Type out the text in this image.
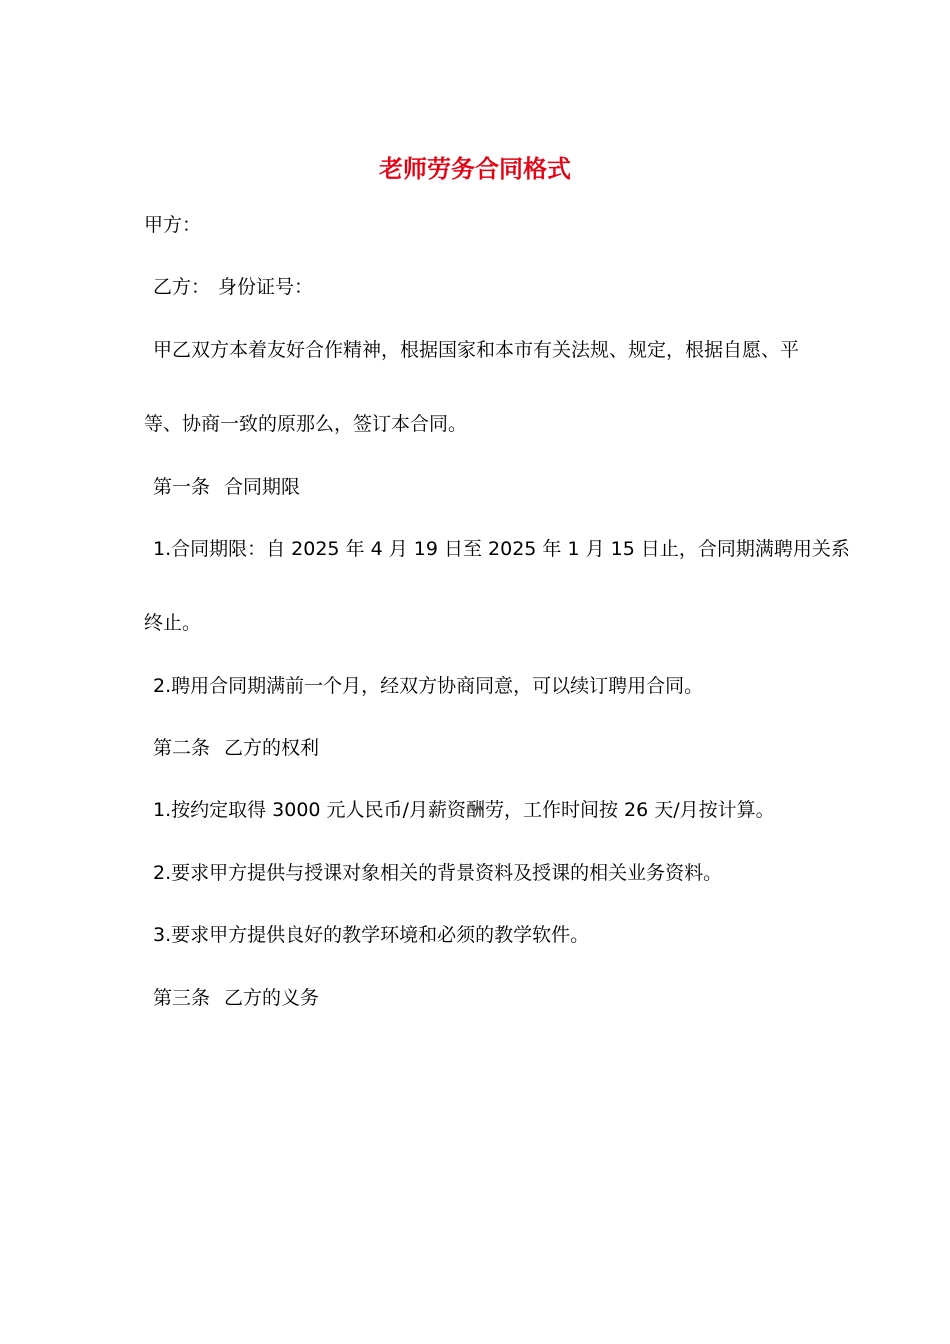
老师劳务合同格式
甲方：
乙方： 身份证号：
甲乙双方本着友好合作精神，根据国家和本市有关法规、规定，根据自愿、平
等、协商一致的原那么，签订本合同。
第一条 合同期限
1.合同期限：自 2025 年 4 月 19 日至 2025 年 1 月 15 日止，合同期满聘用关系
终止。
2.聘用合同期满前一个月，经双方协商同意，可以续订聘用合同。
第二条 乙方的权利
1.按约定取得 3000 元人民币/月薪资酬劳，工作时间按 26 天/月按计算。
2.要求甲方提供与授课对象相关的背景资料及授课的相关业务资料。
3.要求甲方提供良好的教学环境和必须的教学软件。
第三条 乙方的义务
